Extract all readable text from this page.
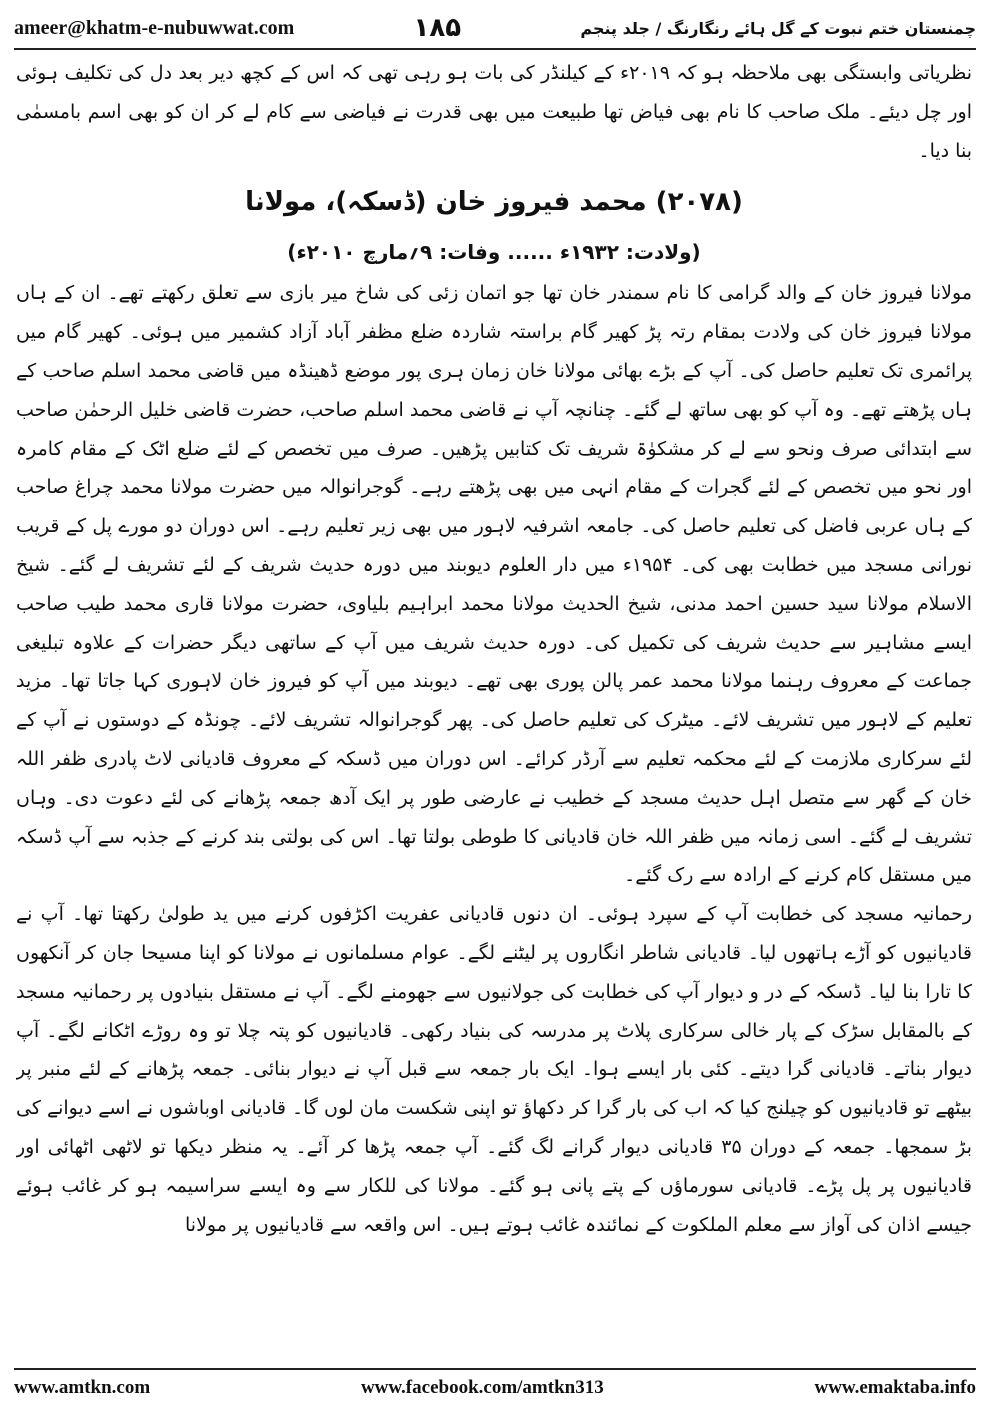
ameer@khatm-e-nubuwwat.com	۱۸۵	چمنستان ختم نبوت کے گل ہائے رنگارنگ / جلد پنجم

نظریاتی وابستگی بھی ملاحظہ ہو کہ ۲۰۱۹ء کے کیلنڈر کی بات ہو رہی تھی کہ اس کے کچھ دیر بعد دل کی تکلیف ہوئی اور چل دیئے۔ ملک صاحب کا نام بھی فیاض تھا طبیعت میں بھی قدرت نے فیاضی سے کام لے کر ان کو بھی اسم بامسمٰی بنا دیا۔

(۲۰۷۸) محمد فیروز خان (ڈسکہ)، مولانا
(ولادت: ۱۹۳۲ء ...... وفات: ۹؍مارچ ۲۰۱۰ء)

مولانا فیروز خان کے والد گرامی کا نام سمندر خان تھا جو اتمان زئی کی شاخ میر بازی سے تعلق رکھتے تھے۔ ان کے ہاں مولانا فیروز خان کی ولادت بمقام رتہ پڑ کھیر گام براستہ شاردہ ضلع مظفر آباد آزاد کشمیر میں ہوئی۔ کھیر گام میں پرائمری تک تعلیم حاصل کی۔ آپ کے بڑے بھائی مولانا خان زمان ہری پور موضع ڈھینڈہ میں قاضی محمد اسلم صاحب کے ہاں پڑھتے تھے۔ وہ آپ کو بھی ساتھ لے گئے۔ چنانچہ آپ نے قاضی محمد اسلم صاحب، حضرت قاضی خلیل الرحمٰن صاحب سے ابتدائی صرف ونحو سے لے کر مشکوٰۃ شریف تک کتابیں پڑھیں۔ صرف میں تخصص کے لئے ضلع اٹک کے مقام کامرہ اور نحو میں تخصص کے لئے گجرات کے مقام انہی میں بھی پڑھتے رہے۔ گوجرانوالہ میں حضرت مولانا محمد چراغ صاحب کے ہاں عربی فاضل کی تعلیم حاصل کی۔ جامعہ اشرفیہ لاہور میں بھی زیر تعلیم رہے۔ اس دوران دو مورے پل کے قریب نورانی مسجد میں خطابت بھی کی۔ ۱۹۵۴ء میں دار العلوم دیوبند میں دورہ حدیث شریف کے لئے تشریف لے گئے۔ شیخ الاسلام مولانا سید حسین احمد مدنی، شیخ الحدیث مولانا محمد ابراہیم بلیاوی، حضرت مولانا قاری محمد طیب صاحب ایسے مشاہیر سے حدیث شریف کی تکمیل کی۔ دورہ حدیث شریف میں آپ کے ساتھی دیگر حضرات کے علاوہ تبلیغی جماعت کے معروف رہنما مولانا محمد عمر پالن پوری بھی تھے۔ دیوبند میں آپ کو فیروز خان لاہوری کہا جاتا تھا۔ مزید تعلیم کے لاہور میں تشریف لائے۔ میٹرک کی تعلیم حاصل کی۔ پھر گوجرانوالہ تشریف لائے۔ چونڈہ کے دوستوں نے آپ کے لئے سرکاری ملازمت کے لئے محکمہ تعلیم سے آرڈر کرائے۔ اس دوران میں ڈسکہ کے معروف قادیانی لاٹ پادری ظفر اللہ خان کے گھر سے متصل اہل حدیث مسجد کے خطیب نے عارضی طور پر ایک آدھ جمعہ پڑھانے کی لئے دعوت دی۔ وہاں تشریف لے گئے۔ اسی زمانہ میں ظفر اللہ خان قادیانی کا طوطی بولتا تھا۔ اس کی بولتی بند کرنے کے جذبہ سے آپ ڈسکہ میں مستقل کام کرنے کے ارادہ سے رک گئے۔

رحمانیہ مسجد کی خطابت آپ کے سپرد ہوئی۔ ان دنوں قادیانی عفریت اکڑفوں کرنے میں ید طولیٰ رکھتا تھا۔ آپ نے قادیانیوں کو آڑے ہاتھوں لیا۔ قادیانی شاطر انگاروں پر لیٹنے لگے۔ عوام مسلمانوں نے مولانا کو اپنا مسیحا جان کر آنکھوں کا تارا بنا لیا۔ ڈسکہ کے در و دیوار آپ کی خطابت کی جولانیوں سے جھومنے لگے۔ آپ نے مستقل بنیادوں پر رحمانیہ مسجد کے بالمقابل سڑک کے پار خالی سرکاری پلاٹ پر مدرسہ کی بنیاد رکھی۔ قادیانیوں کو پتہ چلا تو وہ روڑے اٹکانے لگے۔ آپ دیوار بناتے۔ قادیانی گرا دیتے۔ کئی بار ایسے ہوا۔ ایک بار جمعہ سے قبل آپ نے دیوار بنائی۔ جمعہ پڑھانے کے لئے منبر پر بیٹھے تو قادیانیوں کو چیلنج کیا کہ اب کی بار گرا کر دکھاؤ تو اپنی شکست مان لوں گا۔ قادیانی اوباشوں نے اسے دیوانے کی بڑ سمجھا۔ جمعہ کے دوران ۳۵ قادیانی دیوار گرانے لگ گئے۔ آپ جمعہ پڑھا کر آئے۔ یہ منظر دیکھا تو لاٹھی اٹھائی اور قادیانیوں پر پل پڑے۔ قادیانی سورماؤں کے پتے پانی ہو گئے۔ مولانا کی للکار سے وہ ایسے سراسیمہ ہو کر غائب ہوئے جیسے اذان کی آواز سے معلم الملکوت کے نمائندہ غائب ہوتے ہیں۔ اس واقعہ سے قادیانیوں پر مولانا

www.amtkn.com	www.facebook.com/amtkn313	www.emaktaba.info
